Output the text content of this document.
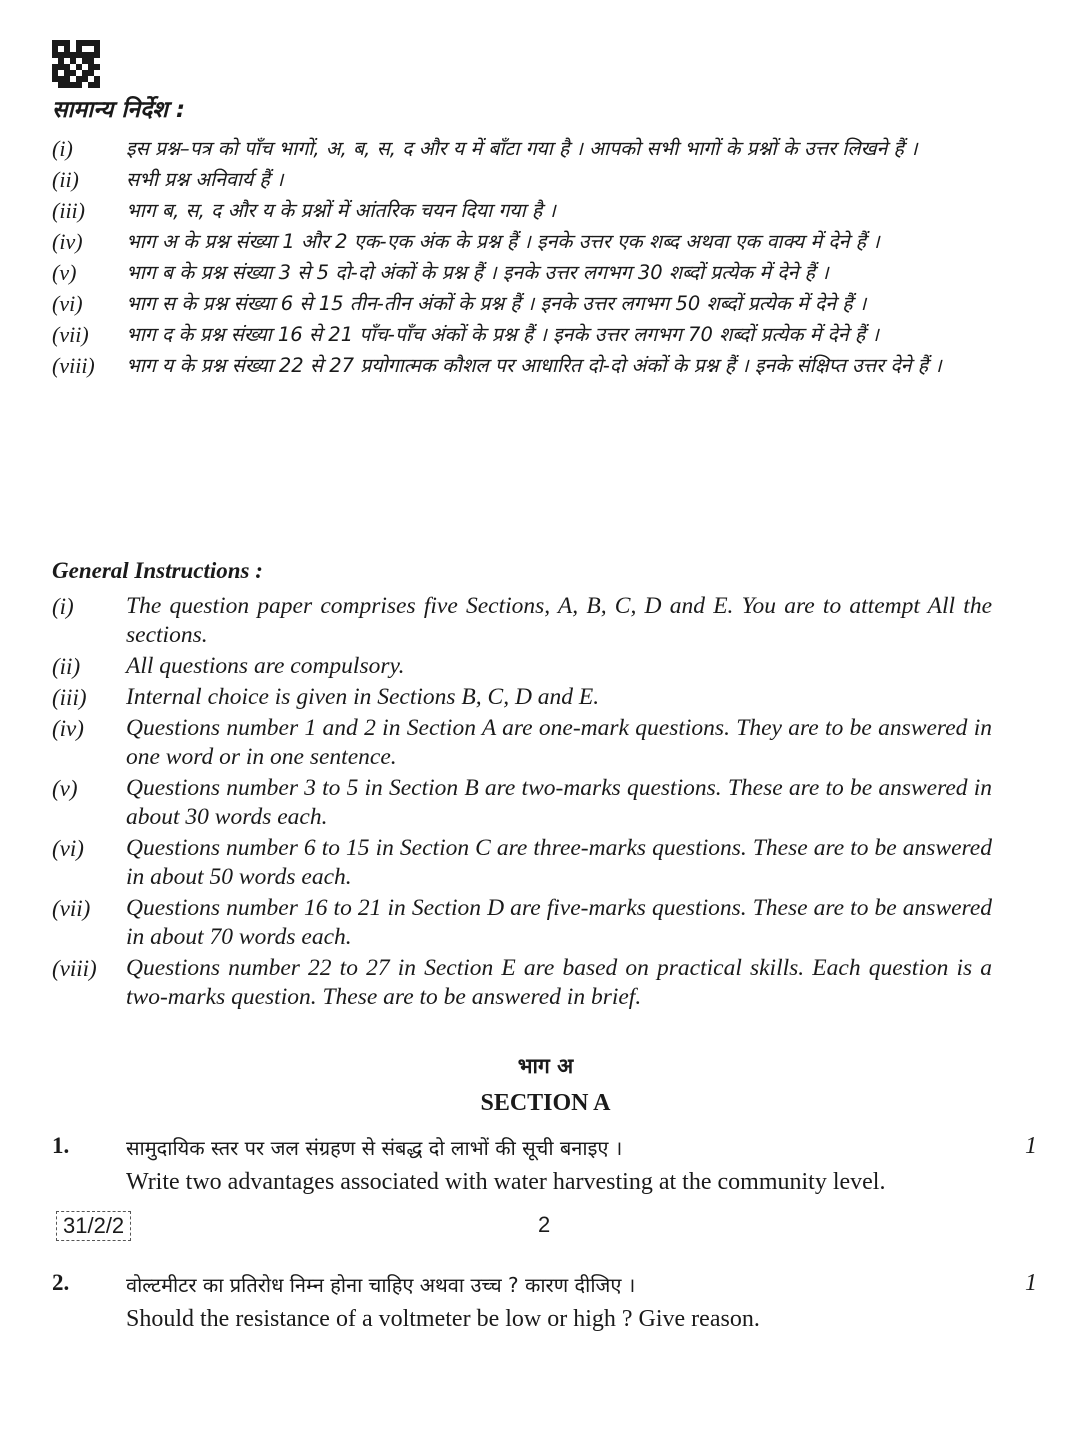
सामान्य निर्देश :
(i)	इस प्रश्न–पत्र को पाँच भागों, अ, ब, स, द और य में बाँटा गया है । आपको सभी भागों के प्रश्नों के उत्तर लिखने हैं ।
(ii) सभी प्रश्न अनिवार्य हैं ।
(iii) भाग ब, स, द और य के प्रश्नों में आंतरिक चयन दिया गया है ।
(iv) भाग अ के प्रश्न संख्या 1 और 2 एक-एक अंक के प्रश्न हैं । इनके उत्तर एक शब्द अथवा एक वाक्य में देने हैं ।
(v)	भाग ब के प्रश्न संख्या 3 से 5 दो-दो अंकों के प्रश्न हैं । इनके उत्तर लगभग 30 शब्दों प्रत्येक में देने हैं ।
(vi) भाग स के प्रश्न संख्या 6 से 15 तीन-तीन अंकों के प्रश्न हैं । इनके उत्तर लगभग 50 शब्दों प्रत्येक में देने हैं ।
(vii) भाग द के प्रश्न संख्या 16 से 21 पाँच-पाँच अंकों के प्रश्न हैं । इनके उत्तर लगभग 70 शब्दों प्रत्येक में देने हैं ।
(viii) भाग य के प्रश्न संख्या 22 से 27 प्रयोगात्मक कौशल पर आधारित दो-दो अंकों के प्रश्न हैं । इनके संक्षिप्त उत्तर देने हैं ।
General Instructions :
(i) The question paper comprises five Sections, A, B, C, D and E. You are to attempt All the sections.
(ii) All questions are compulsory.
(iii) Internal choice is given in Sections B, C, D and E.
(iv) Questions number 1 and 2 in Section A are one-mark questions. They are to be answered in one word or in one sentence.
(v) Questions number 3 to 5 in Section B are two-marks questions. These are to be answered in about 30 words each.
(vi) Questions number 6 to 15 in Section C are three-marks questions. These are to be answered in about 50 words each.
(vii) Questions number 16 to 21 in Section D are five-marks questions. These are to be answered in about 70 words each.
(viii) Questions number 22 to 27 in Section E are based on practical skills. Each question is a two-marks question. These are to be answered in brief.
भाग अ
SECTION A
1.	सामुदायिक स्तर पर जल संग्रहण से संबद्ध दो लाभों की सूची बनाइए ।
Write two advantages associated with water harvesting at the community level.
1
2.	वोल्टमीटर का प्रतिरोध निम्न होना चाहिए अथवा उच्च ? कारण दीजिए ।
Should the resistance of a voltmeter be low or high ? Give reason.
1
31/2/2	2
